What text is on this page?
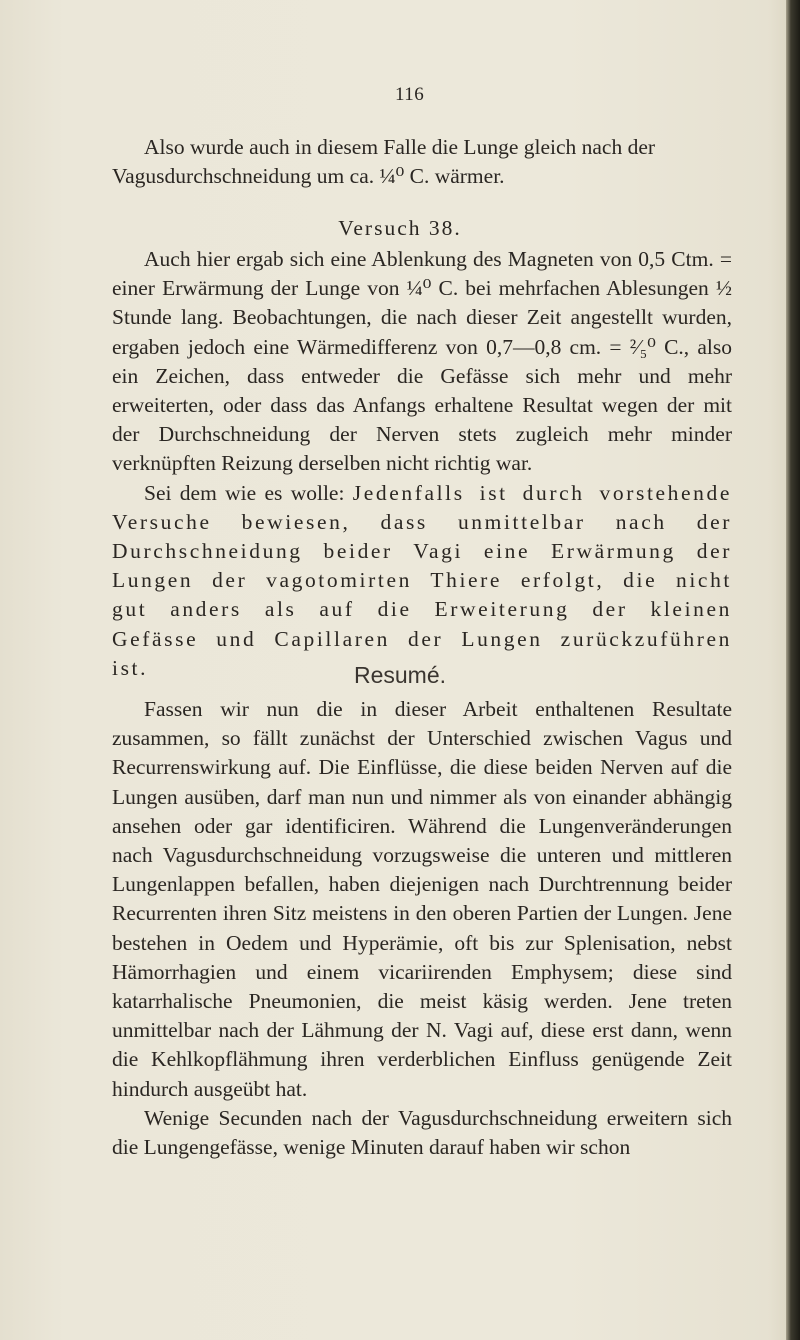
116

Also wurde auch in diesem Falle die Lunge gleich nach der

Vagusdurchschneidung um ca. ¼⁰ C. wärmer.

Versuch 38.

Auch hier ergab sich eine Ablenkung des Magneten von 0,5 Ctm. = einer Erwärmung der Lunge von ¼⁰ C. bei mehrfachen Ablesungen ½ Stunde lang. Beobachtungen, die nach dieser Zeit angestellt wurden, ergaben jedoch eine Wärmedifferenz von 0,7—0,8 cm. = ²⁄₅⁰ C., also ein Zeichen, dass entweder die Gefässe sich mehr und mehr erweiterten, oder dass das Anfangs erhaltene Resultat wegen der mit der Durchschneidung der Nerven stets zugleich mehr minder verknüpften Reizung derselben nicht richtig war.

Sei dem wie es wolle: Jedenfalls ist durch vorstehende Versuche bewiesen, dass unmittelbar nach der Durchschneidung beider Vagi eine Erwärmung der Lungen der vagotomirten Thiere erfolgt, die nicht gut anders als auf die Erweiterung der kleinen Gefässe und Capillaren der Lungen zurückzuführen ist.	Resumé.

Fassen wir nun die in dieser Arbeit enthaltenen Resultate zusammen, so fällt zunächst der Unterschied zwischen Vagus und Recurrenswirkung auf. Die Einflüsse, die diese beiden Nerven auf die Lungen ausüben, darf man nun und nimmer als von einander abhängig ansehen oder gar identificiren. Während die Lungenveränderungen nach Vagusdurchschneidung vorzugsweise die unteren und mittleren Lungenlappen befallen, haben diejenigen nach Durchtrennung beider Recurrenten ihren Sitz meistens in den oberen Partien der Lungen. Jene bestehen in Oedem und Hyperämie, oft bis zur Splenisation, nebst Hämorrhagien und einem vicariirenden Emphysem; diese sind katarrhalische Pneumonien, die meist käsig werden. Jene treten unmittelbar nach der Lähmung der N. Vagi auf, diese erst dann, wenn die Kehlkopflähmung ihren verderblichen Einfluss genügende Zeit hindurch ausgeübt hat.

Wenige Secunden nach der Vagusdurchschneidung erweitern sich die Lungengefässe, wenige Minuten darauf haben wir schon
